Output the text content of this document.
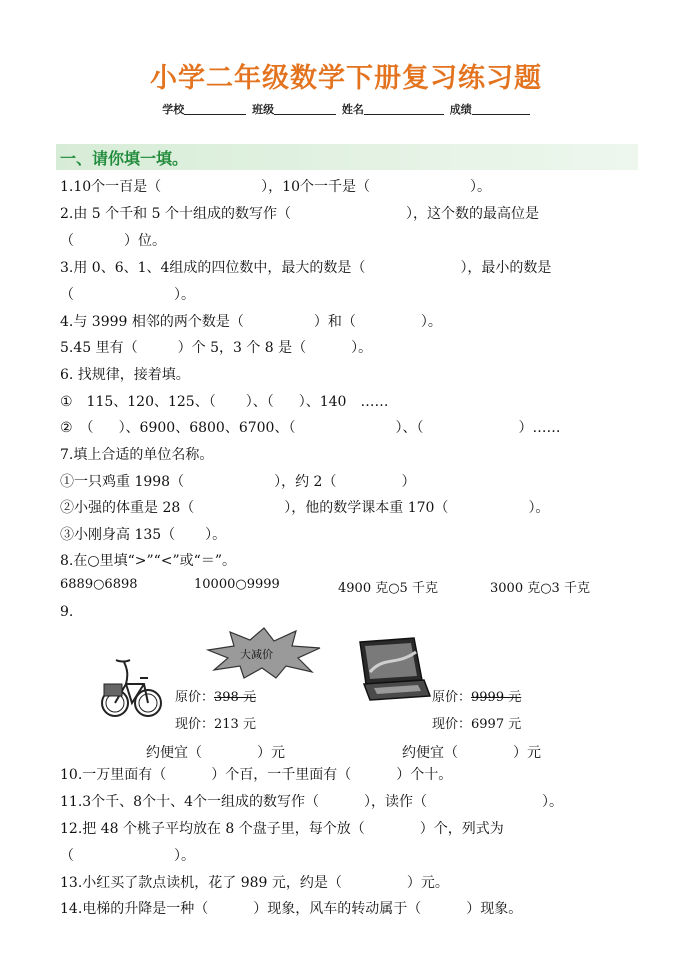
小学二年级数学下册复习练习题
学校	班级	姓名	成绩
一、请你填一填。
1.10个一百是（	），10个一千是（	）。
2.由 5 个千和 5 个十组成的数写作（	），这个数的最高位是
（	）位。
3.用 0、6、1、4组成的四位数中，最大的数是（	），最小的数是
（	）。
4.与 3999 相邻的两个数是（	）和（	）。
5.45 里有（	）个 5，3 个 8 是（	）。
6. 找规律，接着填。
①　115、120、125、（ ）、（ ）、140　……
②　（ ）、6900、6800、6700、（	）、（	）……
7.填上合适的单位名称。
①一只鸡重 1998（	），约 2（	）
②小强的体重是 28（	），他的数学课本重 170（	）。
③小刚身高 135（ ）。
8.在○里填“>”“<”或“＝”。
6889○6898	10000○9999	4900 克○5 千克	3000 克○3 千克
9.
大减价
原价：398 元
现价：213 元
原价：9999 元
现价：6997 元
约便宜（	）元	约便宜（	）元
10.一万里面有（	）个百，一千里面有（	）个十。
11.3个千、8个十、4个一组成的数写作（	），读作（	）。
12.把 48 个桃子平均放在 8 个盘子里，每个放（	）个，列式为
（	）。
13.小红买了款点读机，花了 989 元，约是（	）元。
14.电梯的升降是一种（	）现象，风车的转动属于（	）现象。
